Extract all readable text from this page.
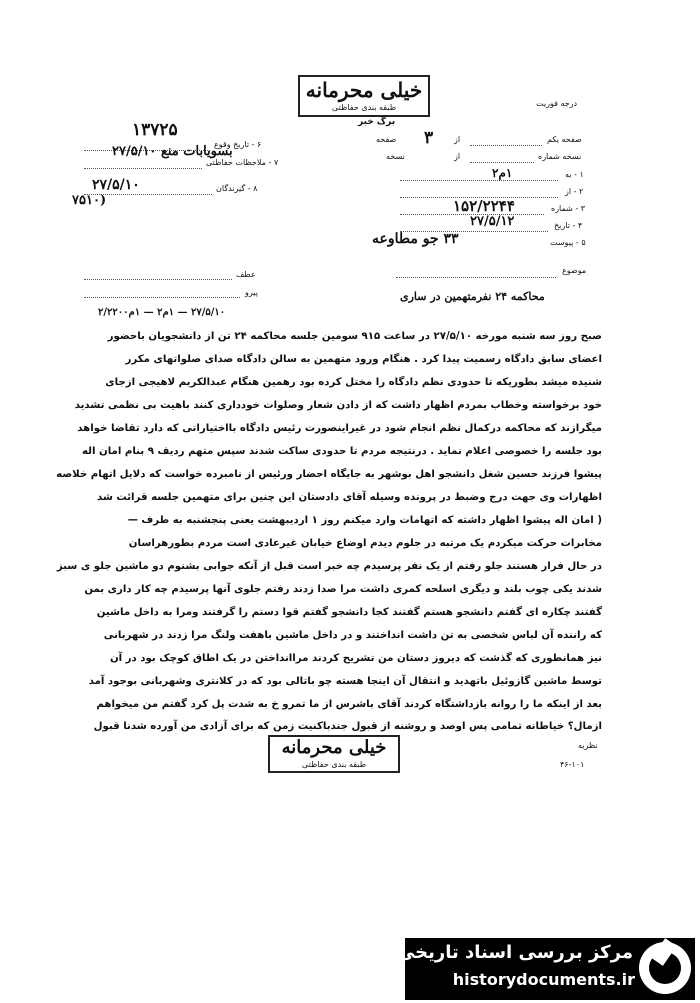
خیلی محرمانه
طبقه بندی حفاظتی	درجه فوریت
برگ خبر
صفحه یکم
از
۳
صفحه
نسخه شماره
از
نسخه
۱ - به
۱م۲
۲ - از
۳ - شماره
۱۵۲/۲۲۴۴
۴ - تاریخ
۲۷/۵/۱۲
۵ - پیوست
۳۳ جو مطاوعه
۶ - تاریخ وقوع
۱۳۷۲۵
۷ - ملاحظات حفاظتی
بسویابات منع ۲۷/۵/۱۰
۸ - گیرندگان
۲۷/۵/۱۰
(۷۵۱۰
عطف
پیرو
موضوع
محاکمه ۲۴ نفرمتهمین در ساری
۲۷/۵/۱۰ — ۱م۲ — ۱م۲/۲۲۰۰
صبح روز سه شنبه مورخه ۲۷/۵/۱۰ در ساعت ۹۱۵ سومین جلسه محاکمه ۲۴ تن از دانشجویان باحضور
اعضای سابق دادگاه رسمیت پیدا کرد . هنگام ورود متهمین به سالن دادگاه صدای صلواتهای مکرر
شنیده میشد بطوریکه تا حدودی نظم دادگاه را مختل کرده بود رهمین هنگام عبدالکریم لاهیجی ازجای
خود برخواسته وخطاب بمردم اظهار داشت که از دادن شعار وصلوات خودداری کنند باهیت بی نظمی تشدید
میگرازند که محاکمه درکمال نظم انجام شود در غیراینصورت رئیس دادگاه بااختیاراتی که دارد تقاضا خواهد
بود جلسه را خصوصی اعلام نماید . درنتیجه مردم تا حدودی ساکت شدند سپس متهم ردیف ۹ بنام امان اله
پیشوا فرزند حسین شغل دانشجو اهل بوشهر به جایگاه احضار ورئیس از نامبرده خواست که دلایل اتهام خلاصه
اظهارات وی جهت درج وضبط در پرونده وسیله آقای دادستان این چنین برای متهمین جلسه قرائت شد
( امان اله پیشوا اظهار داشته که اتهامات وارد میکنم روز ۱ اردیبهشت یعنی پنجشنبه به طرف —
مخابرات حرکت میکردم یک مرتبه در جلوم دیدم اوضاع خیابان غیرعادی است مردم بطورهراسان
در حال فرار هستند جلو رفتم از یک نفر پرسیدم چه خبر است قبل از آنکه جوابی بشنوم دو ماشین جلو ی سبز
شدند یکی چوب بلند و دیگری اسلحه کمری داشت مرا صدا زدند رفتم جلوی آنها پرسیدم چه کار داری بمن
گفتند چکاره ای گفتم دانشجو هستم گفتند کجا دانشجو گفتم قوا دستم را گرفتند ومرا به داخل ماشین
که راننده آن لباس شخصی به تن داشت انداختند و در داخل ماشین باهفت ولنگ مرا زدند در شهربانی
نیز همانطوری که گذشت که دیروز دستان من تشریح کردند مراانداختن در یک اطاق کوچک بود در آن
توسط ماشین گازوئیل باتهدید و انتقال آن اینجا هسته چو باتالی بود که در کلانتری وشهربانی بوجود آمد
بعد از اینکه ما را روانه بازداشتگاه کردند آقای باشرس از ما تمرو خ به شدت پل کرد گفتم من میخواهم
ازمال؟ خیاطانه تمامی پس اوصد و روشنه از قبول جندباکنیت زمن که برای آزادی من آورده شدنا قبول
خیلی محرمانه
طبقه بندی حفاظتی
نظریه
۴۶-۱۰۱
مرکز بررسی اسناد تاریخی
historydocuments.ir
